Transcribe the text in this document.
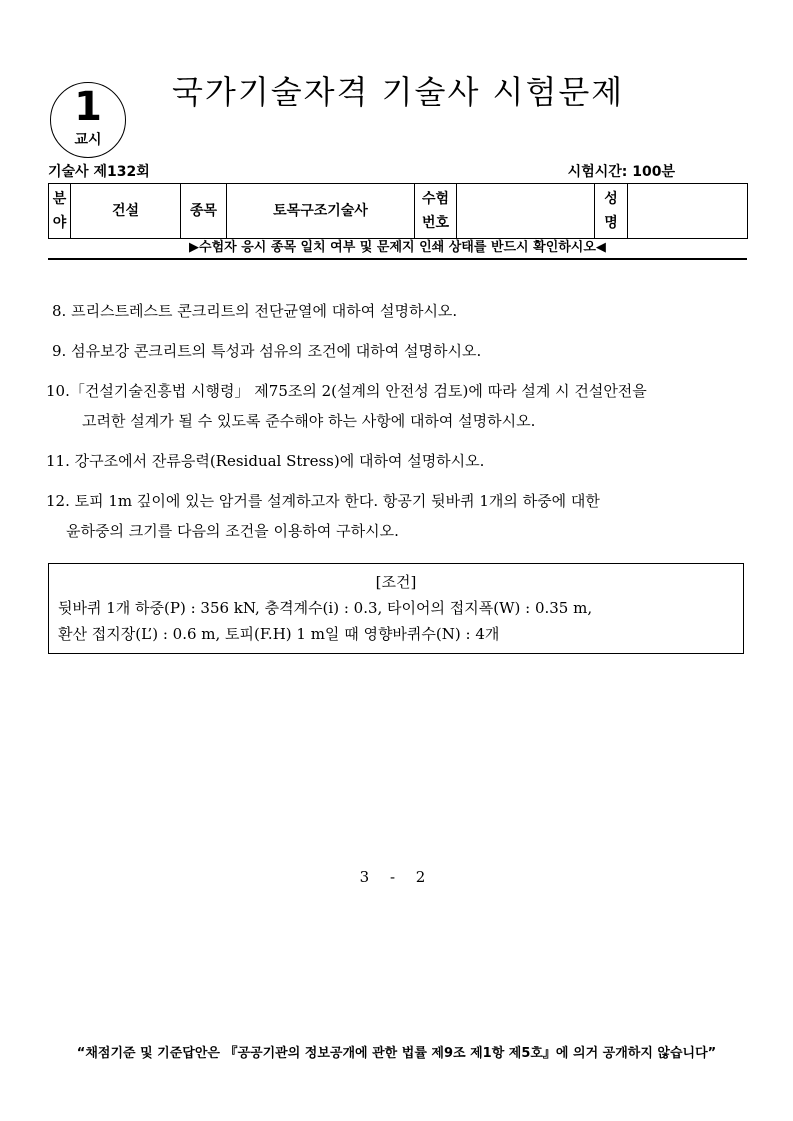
1
교시
국가기술자격 기술사 시험문제
기술사 제132회	시험시간: 100분
분야	건설	종목	토목구조기술사	수험번호		성명	
▶수험자 응시 종목 일치 여부 및 문제지 인쇄 상태를 반드시 확인하시오◀
8. 프리스트레스트 콘크리트의 전단균열에 대하여 설명하시오.
9. 섬유보강 콘크리트의 특성과 섬유의 조건에 대하여 설명하시오.
10.「건설기술진흥법 시행령」 제75조의 2(설계의 안전성 검토)에 따라 설계 시 건설안전을
고려한 설계가 될 수 있도록 준수해야 하는 사항에 대하여 설명하시오.
11. 강구조에서 잔류응력(Residual Stress)에 대하여 설명하시오.
12. 토피 1m 깊이에 있는 암거를 설계하고자 한다. 항공기 뒷바퀴 1개의 하중에 대한
윤하중의 크기를 다음의 조건을 이용하여 구하시오.
[조건]
뒷바퀴 1개 하중(P) : 356 kN, 충격계수(i) : 0.3, 타이어의 접지폭(W) : 0.35 m,
환산 접지장(L’) : 0.6 m, 토피(F.H) 1 m일 때 영향바퀴수(N) : 4개
3 - 2
“채점기준 및 기준답안은 『공공기관의 정보공개에 관한 법률 제9조 제1항 제5호』에 의거 공개하지 않습니다”
